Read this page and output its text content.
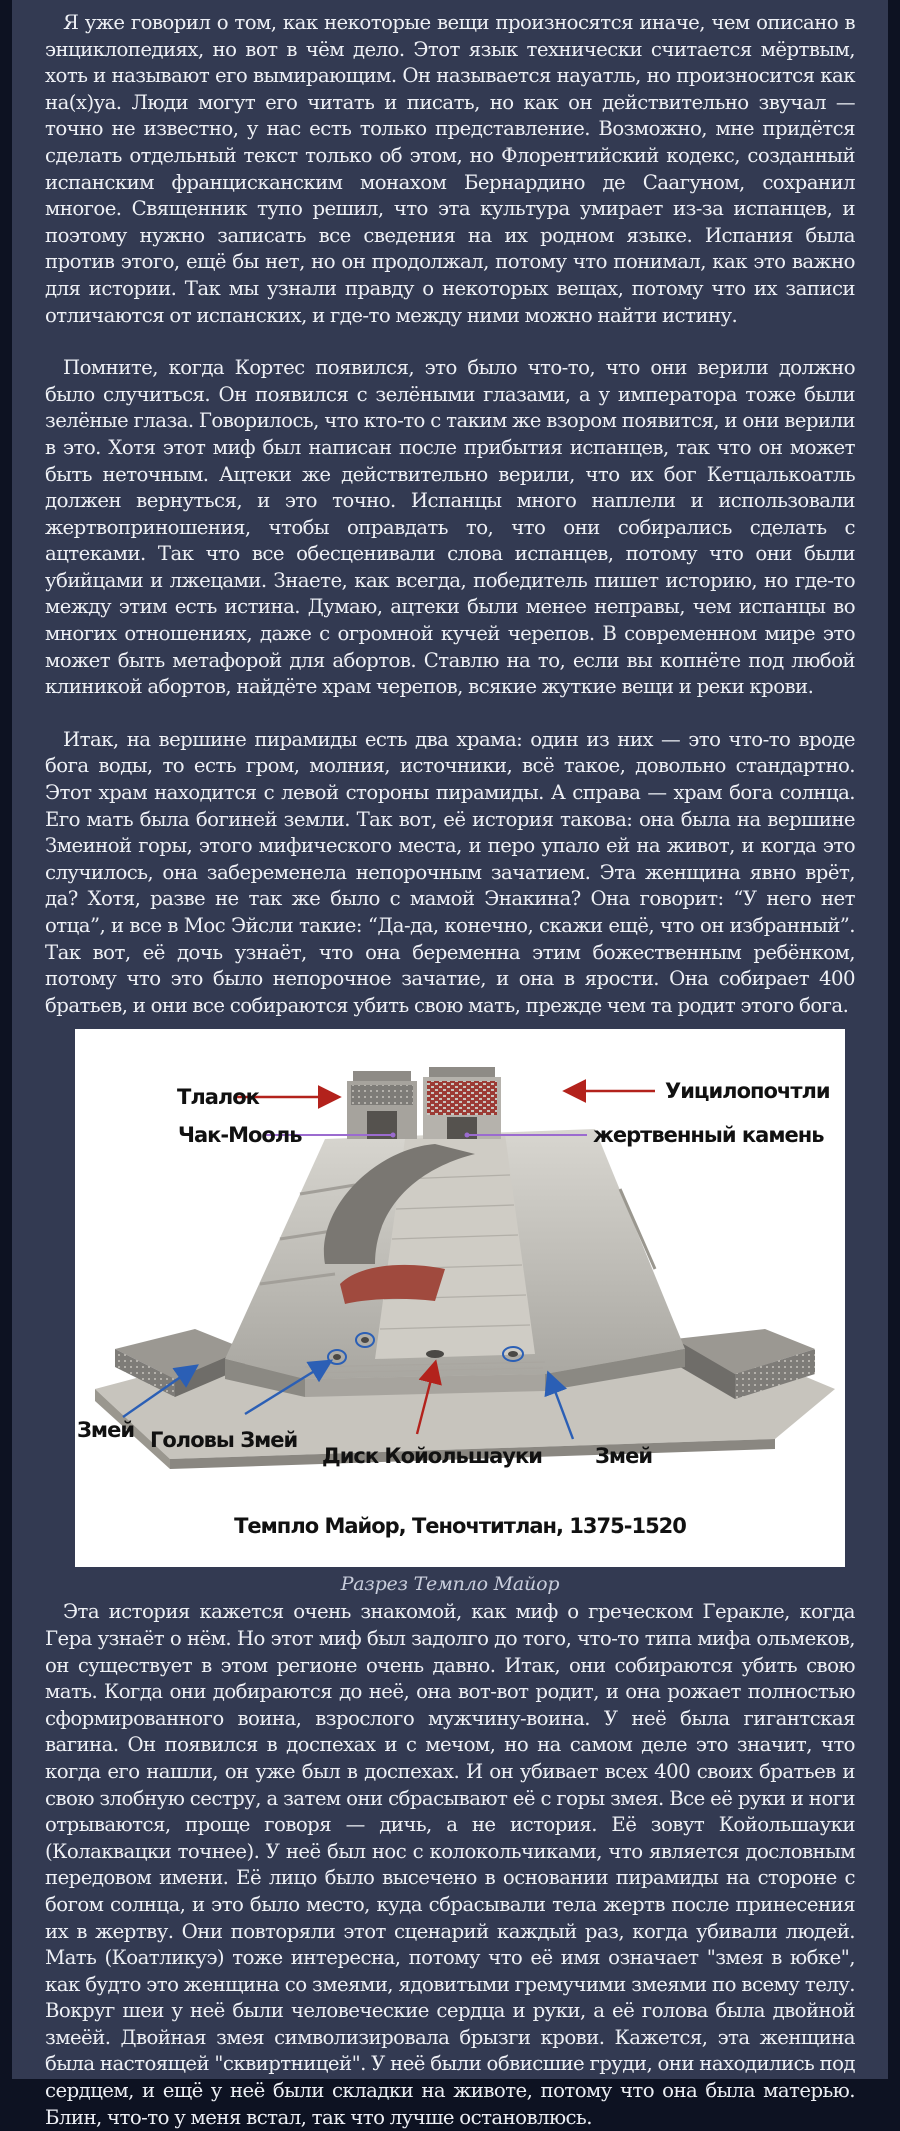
Я уже говорил о том, как некоторые вещи произносятся иначе, чем описано в энциклопедиях, но вот в чём дело. Этот язык технически считается мёртвым, хоть и называют его вымирающим. Он называется науатль, но произносится как на(х)уа. Люди могут его читать и писать, но как он действительно звучал — точно не известно, у нас есть только представление. Возможно, мне придётся сделать отдельный текст только об этом, но Флорентийский кодекс, созданный испанским францисканским монахом Бернардино де Саагуном, сохранил многое. Священник тупо решил, что эта культура умирает из-за испанцев, и поэтому нужно записать все сведения на их родном языке. Испания была против этого, ещё бы нет, но он продолжал, потому что понимал, как это важно для истории. Так мы узнали правду о некоторых вещах, потому что их записи отличаются от испанских, и где-то между ними можно найти истину.

Помните, когда Кортес появился, это было что-то, что они верили должно было случиться. Он появился с зелёными глазами, а у императора тоже были зелёные глаза. Говорилось, что кто-то с таким же взором появится, и они верили в это. Хотя этот миф был написан после прибытия испанцев, так что он может быть неточным. Ацтеки же действительно верили, что их бог Кетцалькоатль должен вернуться, и это точно. Испанцы много наплели и использовали жертвоприношения, чтобы оправдать то, что они собирались сделать с ацтеками. Так что все обесценивали слова испанцев, потому что они были убийцами и лжецами. Знаете, как всегда, победитель пишет историю, но где-то между этим есть истина. Думаю, ацтеки были менее неправы, чем испанцы во многих отношениях, даже с огромной кучей черепов. В современном мире это может быть метафорой для абортов. Ставлю на то, если вы копнёте под любой клиникой абортов, найдёте храм черепов, всякие жуткие вещи и реки крови.

Итак, на вершине пирамиды есть два храма: один из них — это что-то вроде бога воды, то есть гром, молния, источники, всё такое, довольно стандартно. Этот храм находится с левой стороны пирамиды. А справа — храм бога солнца. Его мать была богиней земли. Так вот, её история такова: она была на вершине Змеиной горы, этого мифического места, и перо упало ей на живот, и когда это случилось, она забеременела непорочным зачатием. Эта женщина явно врёт, да? Хотя, разве не так же было с мамой Энакина? Она говорит: “У него нет отца”, и все в Мос Эйсли такие: “Да-да, конечно, скажи ещё, что он избранный”. Так вот, её дочь узнаёт, что она беременна этим божественным ребёнком, потому что это было непорочное зачатие, и она в ярости. Она собирает 400 братьев, и они все собираются убить свою мать, прежде чем та родит этого бога.

Тлалок	Уицилопочтли
Чак-Мооль	жертвенный камень
Змей Головы Змей
Диск Койольшауки	Змей
Темпло Майор, Теночтитлан, 1375-1520
Разрез Темпло Майор

Эта история кажется очень знакомой, как миф о греческом Геракле, когда Гера узнаёт о нём. Но этот миф был задолго до того, что-то типа мифа ольмеков, он существует в этом регионе очень давно. Итак, они собираются убить свою мать. Когда они добираются до неё, она вот-вот родит, и она рожает полностью сформированного воина, взрослого мужчину-воина. У неё была гигантская вагина. Он появился в доспехах и с мечом, но на самом деле это значит, что когда его нашли, он уже был в доспехах. И он убивает всех 400 своих братьев и свою злобную сестру, а затем они сбрасывают её с горы змея. Все её руки и ноги отрываются, проще говоря — дичь, а не история. Её зовут Койольшауки (Колаквацки точнее). У неё был нос с колокольчиками, что является дословным передовом имени. Её лицо было высечено в основании пирамиды на стороне с богом солнца, и это было место, куда сбрасывали тела жертв после принесения их в жертву. Они повторяли этот сценарий каждый раз, когда убивали людей. Мать (Коатликуэ) тоже интересна, потому что её имя означает "змея в юбке", как будто это женщина со змеями, ядовитыми гремучими змеями по всему телу. Вокруг шеи у неё были человеческие сердца и руки, а её голова была двойной змеёй. Двойная змея символизировала брызги крови. Кажется, эта женщина была настоящей "сквиртницей". У неё были обвисшие груди, они находились под сердцем, и ещё у неё были складки на животе, потому что она была матерью. Блин, что-то у меня встал, так что лучше остановлюсь.
